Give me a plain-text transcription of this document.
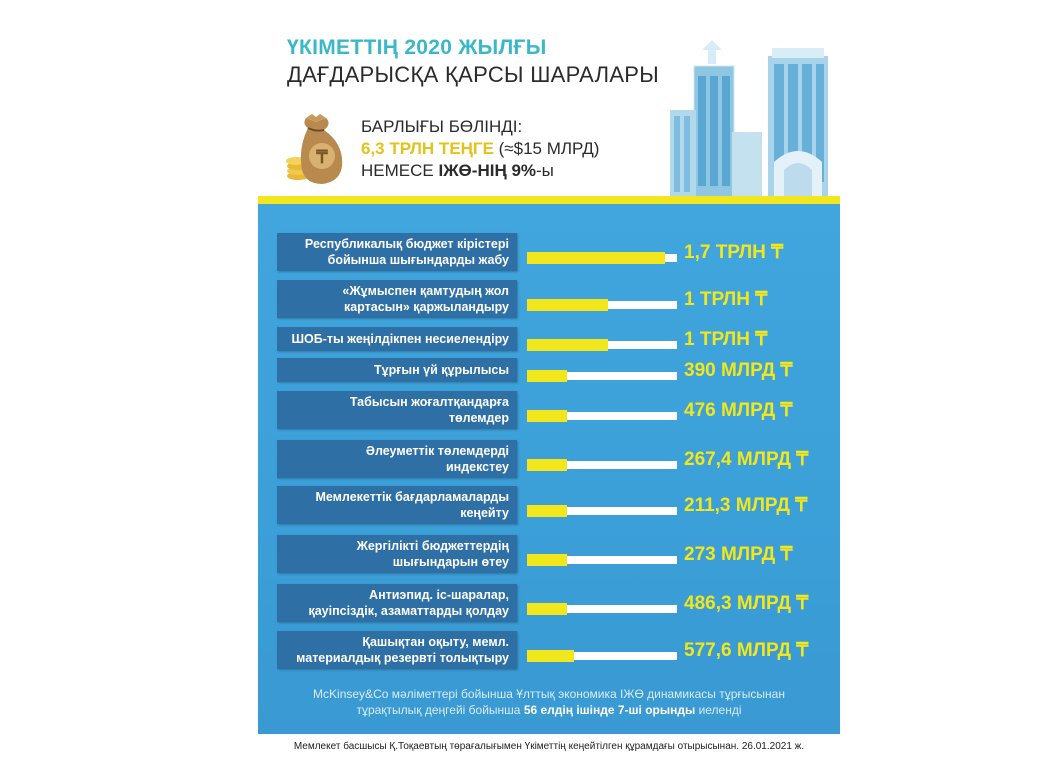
ҮКІМЕТТІҢ 2020 ЖЫЛҒЫ
ДАҒДАРЫСҚА ҚАРСЫ ШАРАЛАРЫ
₸
БАРЛЫҒЫ БӨЛІНДІ:
6,3 ТРЛН ТЕҢГЕ (≈$15 МЛРД)
НЕМЕСЕ ІЖӨ-НІҢ 9%-ы
Республикалық бюджет кірістері
бойынша шығындарды жабу	1,7 ТРЛН ₸
«Жұмыспен қамтудың жол
картасын» қаржыландыру	1 ТРЛН ₸
ШОБ-ты жеңілдікпен несиелендіру	1 ТРЛН ₸
Тұрғын үй құрылысы	390 МЛРД ₸
Табысын жоғалтқандарға
төлемдер	476 МЛРД ₸
Әлеуметтік төлемдерді
индекстеу	267,4 МЛРД ₸
Мемлекеттік бағдарламаларды
кеңейту	211,3 МЛРД ₸
Жергілікті бюджеттердің
шығындарын өтеу	273 МЛРД ₸
Антиэпид. іс-шаралар,
қауіпсіздік, азаматтарды қолдау	486,3 МЛРД ₸
Қашықтан оқыту, мемл.
материалдық резервті толықтыру	577,6 МЛРД ₸
McKinsey&Co мәліметтері бойынша Ұлттық экономика ІЖӨ динамикасы тұрғысынан
тұрақтылық деңгейі бойынша 56 елдің ішінде 7-ші орынды иеленді
Мемлекет басшысы Қ.Тоқаевтың төрағалығымен Үкіметтің кеңейтілген құрамдағы отырысынан. 26.01.2021 ж.
